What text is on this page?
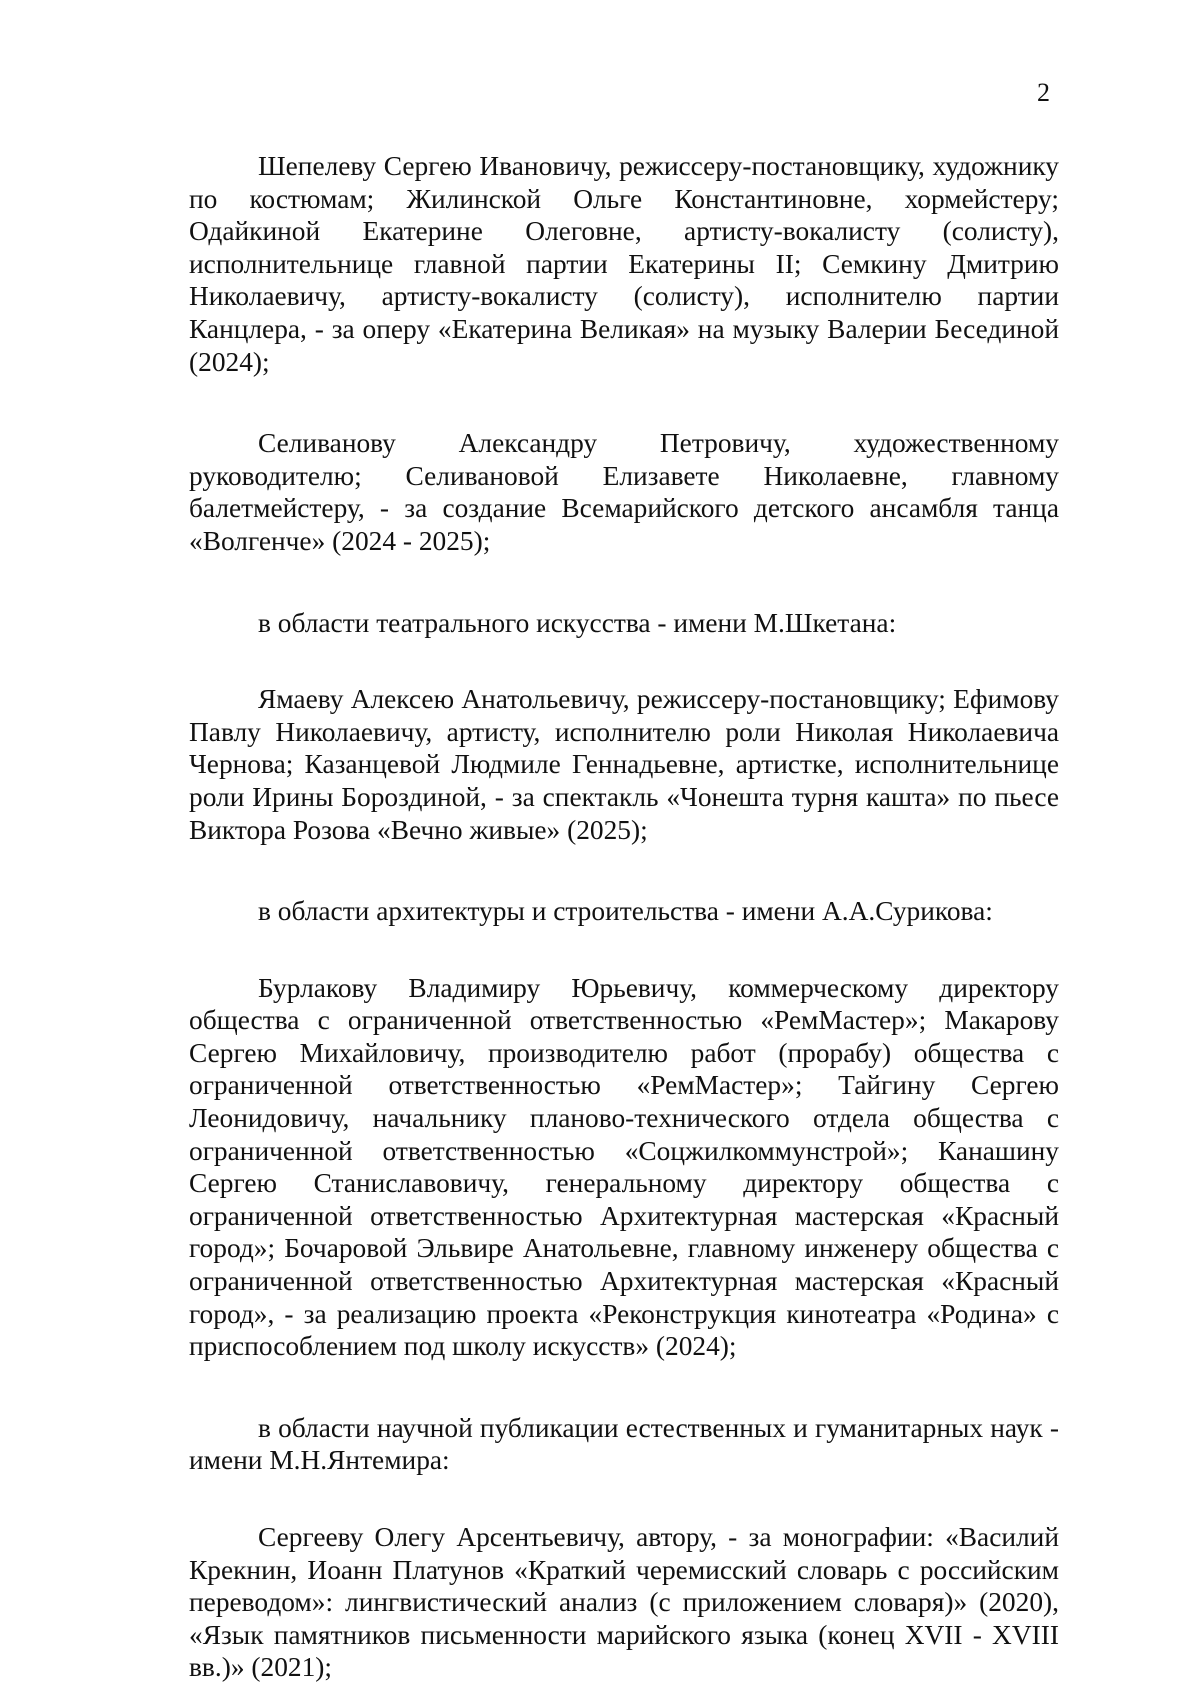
2

Шепелеву Сергею Ивановичу, режиссеру-постановщику, художнику по костюмам; Жилинской Ольге Константиновне, хормейстеру; Одайкиной Екатерине Олеговне, артисту-вокалисту (солисту), исполнительнице главной партии Екатерины II; Семкину Дмитрию Николаевичу, артисту-вокалисту (солисту), исполнителю партии Канцлера, - за оперу «Екатерина Великая» на музыку Валерии Бесединой (2024);

Селиванову Александру Петровичу, художественному руководителю; Селивановой Елизавете Николаевне, главному балетмейстеру, - за создание Всемарийского детского ансамбля танца «Волгенче» (2024 - 2025);

в области театрального искусства - имени М.Шкетана:

Ямаеву Алексею Анатольевичу, режиссеру-постановщику; Ефимову Павлу Николаевичу, артисту, исполнителю роли Николая Николаевича Чернова; Казанцевой Людмиле Геннадьевне, артистке, исполнительнице роли Ирины Бороздиной, - за спектакль «Чонешта турня кашта» по пьесе Виктора Розова «Вечно живые» (2025);

в области архитектуры и строительства - имени А.А.Сурикова:

Бурлакову Владимиру Юрьевичу, коммерческому директору общества с ограниченной ответственностью «РемМастер»; Макарову Сергею Михайловичу, производителю работ (прорабу) общества с ограниченной ответственностью «РемМастер»; Тайгину Сергею Леонидовичу, начальнику планово-технического отдела общества с ограниченной ответственностью «Соцжилкоммунстрой»; Канашину Сергею Станиславовичу, генеральному директору общества с ограниченной ответственностью Архитектурная мастерская «Красный город»; Бочаровой Эльвире Анатольевне, главному инженеру общества с ограниченной ответственностью Архитектурная мастерская «Красный город», - за реализацию проекта «Реконструкция кинотеатра «Родина» с приспособлением под школу искусств» (2024);

в области научной публикации естественных и гуманитарных наук - имени М.Н.Янтемира:

Сергееву Олегу Арсентьевичу, автору, - за монографии: «Василий Крекнин, Иоанн Платунов «Краткий черемисский словарь с российским переводом»: лингвистический анализ (с приложением словаря)» (2020), «Язык памятников письменности марийского языка (конец XVII - XVIII вв.)» (2021);
